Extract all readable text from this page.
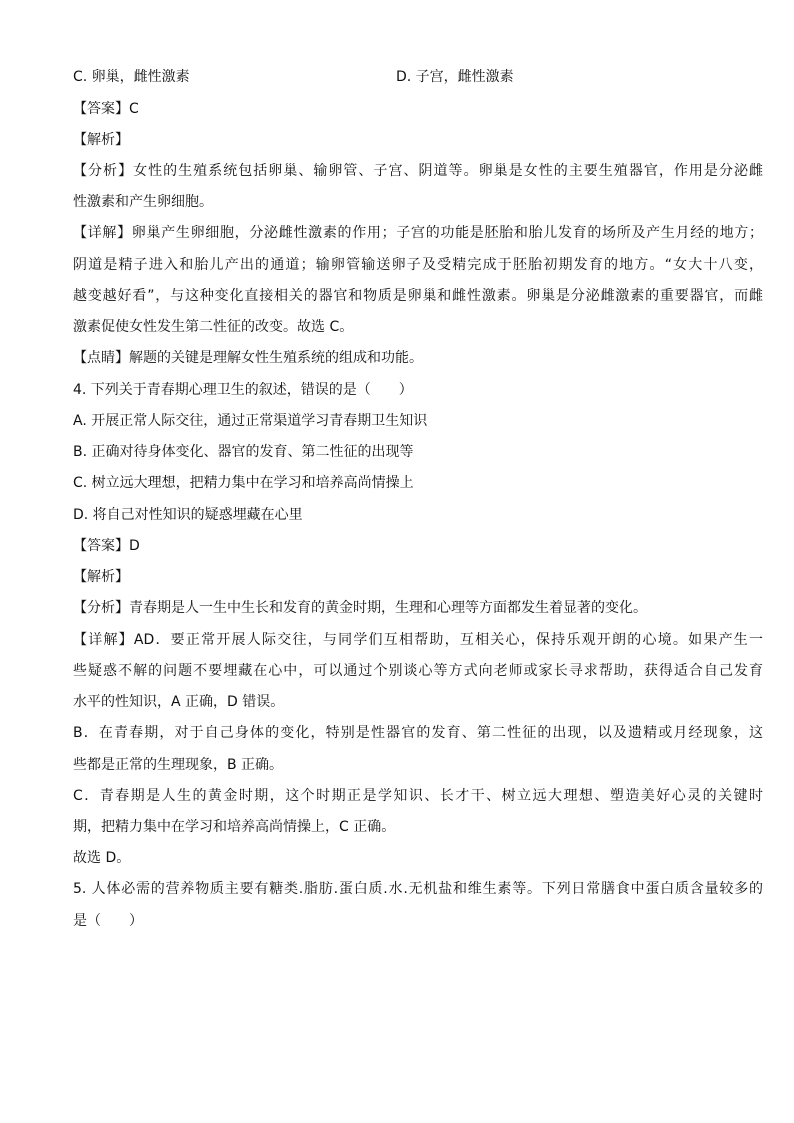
C. 卵巢，雌性激素	D. 子宫，雌性激素
【答案】C
【解析】
【分析】女性的生殖系统包括卵巢、输卵管、子宫、阴道等。卵巢是女性的主要生殖器官，作用是分泌雌
性激素和产生卵细胞。
【详解】卵巢产生卵细胞，分泌雌性激素的作用；子宫的功能是胚胎和胎儿发育的场所及产生月经的地方；
阴道是精子进入和胎儿产出的通道；输卵管输送卵子及受精完成于胚胎初期发育的地方。“女大十八变，
越变越好看”，与这种变化直接相关的器官和物质是卵巢和雌性激素。卵巢是分泌雌激素的重要器官，而雌
激素促使女性发生第二性征的改变。故选 C。
【点睛】解题的关键是理解女性生殖系统的组成和功能。
4. 下列关于青春期心理卫生的叙述，错误的是（　　）
A. 开展正常人际交往，通过正常渠道学习青春期卫生知识
B. 正确对待身体变化、器官的发育、第二性征的出现等
C. 树立远大理想，把精力集中在学习和培养高尚情操上
D. 将自己对性知识的疑惑埋藏在心里
【答案】D
【解析】
【分析】青春期是人一生中生长和发育的黄金时期，生理和心理等方面都发生着显著的变化。
【详解】AD．要正常开展人际交往，与同学们互相帮助，互相关心，保持乐观开朗的心境。如果产生一
些疑惑不解的问题不要埋藏在心中，可以通过个别谈心等方式向老师或家长寻求帮助，获得适合自己发育
水平的性知识，A 正确，D 错误。
B．在青春期，对于自己身体的变化，特别是性器官的发育、第二性征的出现，以及遗精或月经现象，这
些都是正常的生理现象，B 正确。
C．青春期是人生的黄金时期，这个时期正是学知识、长才干、树立远大理想、塑造美好心灵的关键时
期，把精力集中在学习和培养高尚情操上，C 正确。
故选 D。
5. 人体必需的营养物质主要有糖类.脂肪.蛋白质.水.无机盐和维生素等。下列日常膳食中蛋白质含量较多的
是（　　）
